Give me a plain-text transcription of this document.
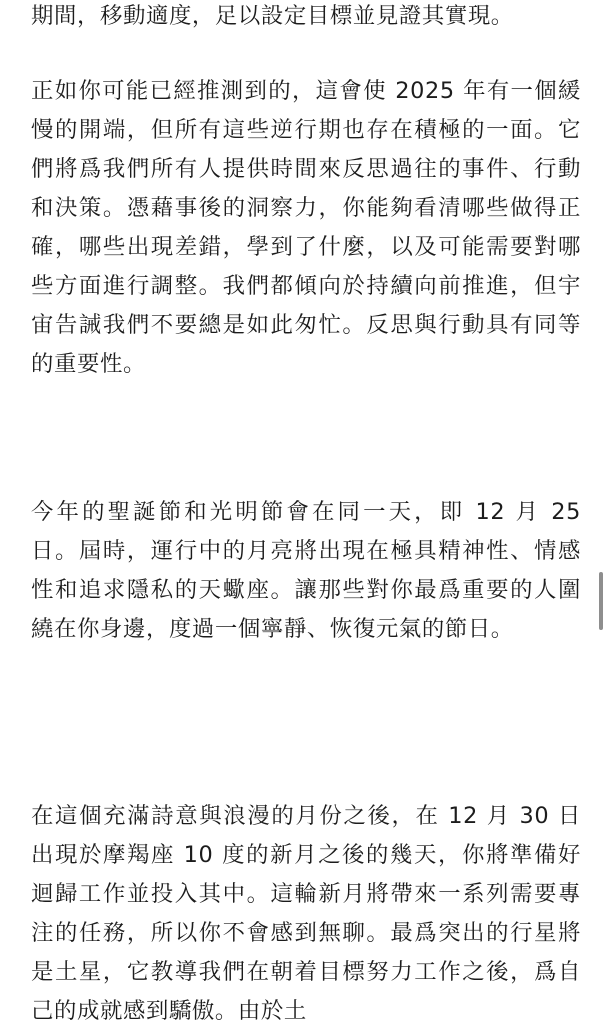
期間，移動適度，足以設定目標並見證其實現。

正如你可能已經推測到的，這會使 2025 年有一個緩慢的開端，但所有這些逆行期也存在積極的一面。它們將爲我們所有人提供時間來反思過往的事件、行動和決策。憑藉事後的洞察力，你能夠看清哪些做得正確，哪些出現差錯，學到了什麼，以及可能需要對哪些方面進行調整。我們都傾向於持續向前推進，但宇宙告誡我們不要總是如此匆忙。反思與行動具有同等的重要性。

今年的聖誕節和光明節會在同一天，即 12 月 25 日。屆時，運行中的月亮將出現在極具精神性、情感性和追求隱私的天蠍座。讓那些對你最爲重要的人圍繞在你身邊，度過一個寧靜、恢復元氣的節日。

在這個充滿詩意與浪漫的月份之後，在 12 月 30 日出現於摩羯座 10 度的新月之後的幾天，你將準備好迴歸工作並投入其中。這輪新月將帶來一系列需要專注的任務，所以你不會感到無聊。最爲突出的行星將是土星，它教導我們在朝着目標努力工作之後，爲自己的成就感到驕傲。由於土
